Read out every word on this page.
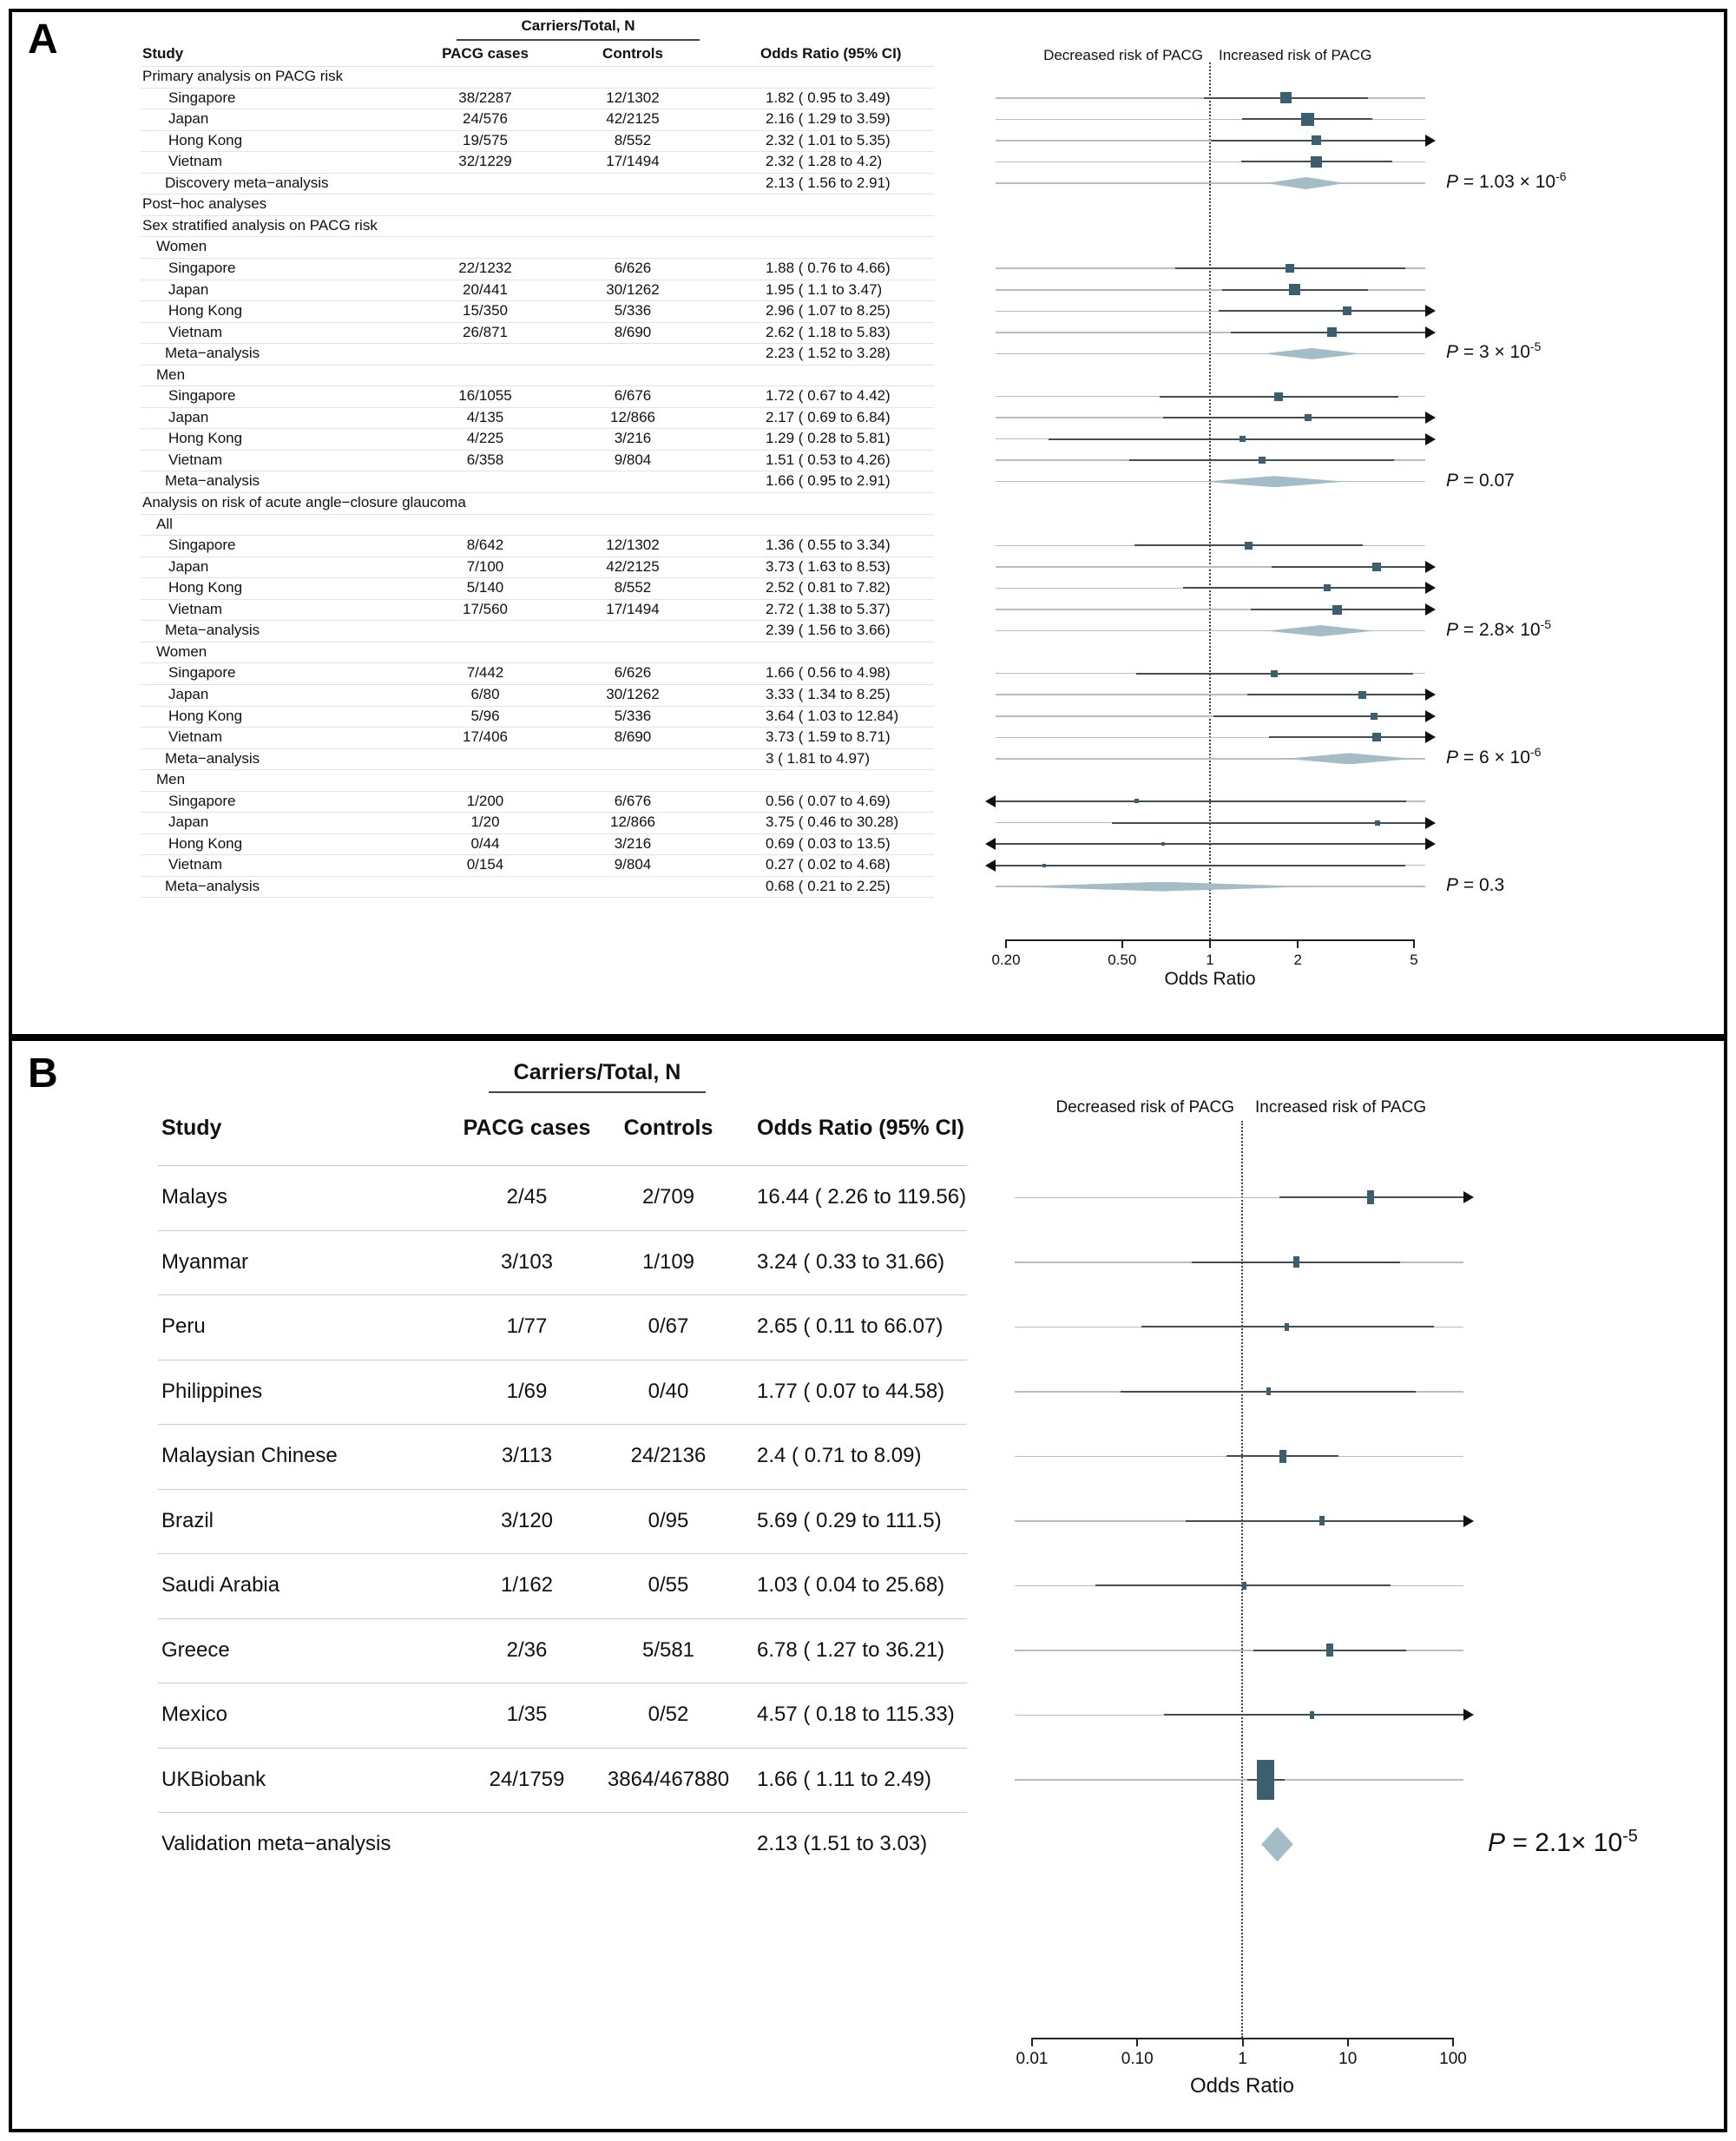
A	Carriers/Total, N
Study	PACG cases	Controls	Odds Ratio (95% CI)	Decreased risk of PACG Increased risk of PACG
Primary analysis on PACG risk
Singapore	38/2287	12/1302	1.82 ( 0.95 to 3.49)
Japan	24/576	42/2125	2.16 ( 1.29 to 3.59)
Hong Kong	19/575	8/552	2.32 ( 1.01 to 5.35)
Vietnam	32/1229	17/1494	2.32 ( 1.28 to 4.2)
Discovery meta−analysis	2.13 ( 1.56 to 2.91)
Post−hoc analyses
Sex stratified analysis on PACG risk
Women
Singapore	22/1232	6/626	1.88 ( 0.76 to 4.66)
Japan	20/441	30/1262	1.95 ( 1.1 to 3.47)
Hong Kong	15/350	5/336	2.96 ( 1.07 to 8.25)
Vietnam	26/871	8/690	2.62 ( 1.18 to 5.83)
Meta−analysis	2.23 ( 1.52 to 3.28)
Men
Singapore	16/1055	6/676	1.72 ( 0.67 to 4.42)
Japan	4/135	12/866	2.17 ( 0.69 to 6.84)
Hong Kong	4/225	3/216	1.29 ( 0.28 to 5.81)
Vietnam	6/358	9/804	1.51 ( 0.53 to 4.26)
Meta−analysis	1.66 ( 0.95 to 2.91)
Analysis on risk of acute angle−closure glaucoma
All
Singapore	8/642	12/1302	1.36 ( 0.55 to 3.34)
Japan	7/100	42/2125	3.73 ( 1.63 to 8.53)
Hong Kong	5/140	8/552	2.52 ( 0.81 to 7.82)
Vietnam	17/560	17/1494	2.72 ( 1.38 to 5.37)
Meta−analysis	2.39 ( 1.56 to 3.66)
Women
Singapore	7/442	6/626	1.66 ( 0.56 to 4.98)
Japan	6/80	30/1262	3.33 ( 1.34 to 8.25)
Hong Kong	5/96	5/336	3.64 ( 1.03 to 12.84)
Vietnam	17/406	8/690	3.73 ( 1.59 to 8.71)
Meta−analysis	3 ( 1.81 to 4.97)
Men
Singapore	1/200	6/676	0.56 ( 0.07 to 4.69)
Japan	1/20	12/866	3.75 ( 0.46 to 30.28)
Hong Kong	0/44	3/216	0.69 ( 0.03 to 13.5)
Vietnam	0/154	9/804	0.27 ( 0.02 to 4.68)
Meta−analysis	0.68 ( 0.21 to 2.25)
$P = 1.03 \times 10^{-6}$
$P = 3 \times 10^{-5}$
P = 0.07
$P = 2.8\times 10^{-5}$
$P = 6 \times 10^{-6}$
P = 0.3
0.20	0.50	1	2	5
Odds Ratio
B	Carriers/Total, N
Study	PACG cases	Controls	Odds Ratio (95% CI)
Decreased risk of PACG Increased risk of PACG
Malays	2/45	2/709	16.44 ( 2.26 to 119.56)
Myanmar	3/103	1/109	3.24 ( 0.33 to 31.66)
Peru	1/77	0/67	2.65 ( 0.11 to 66.07)
Philippines	1/69	0/40	1.77 ( 0.07 to 44.58)
Malaysian Chinese	3/113	24/2136	2.4 ( 0.71 to 8.09)
Brazil	3/120	0/95	5.69 ( 0.29 to 111.5)
Saudi Arabia	1/162	0/55	1.03 ( 0.04 to 25.68)
Greece	2/36	5/581	6.78 ( 1.27 to 36.21)
Mexico	1/35	0/52	4.57 ( 0.18 to 115.33)
UKBiobank	24/1759	3864/467880	1.66 ( 1.11 to 2.49)
Validation meta−analysis	2.13 (1.51 to 3.03)	$P = 2.1\times 10^{-5}$
0.01	0.10	1	10	100
Odds Ratio
